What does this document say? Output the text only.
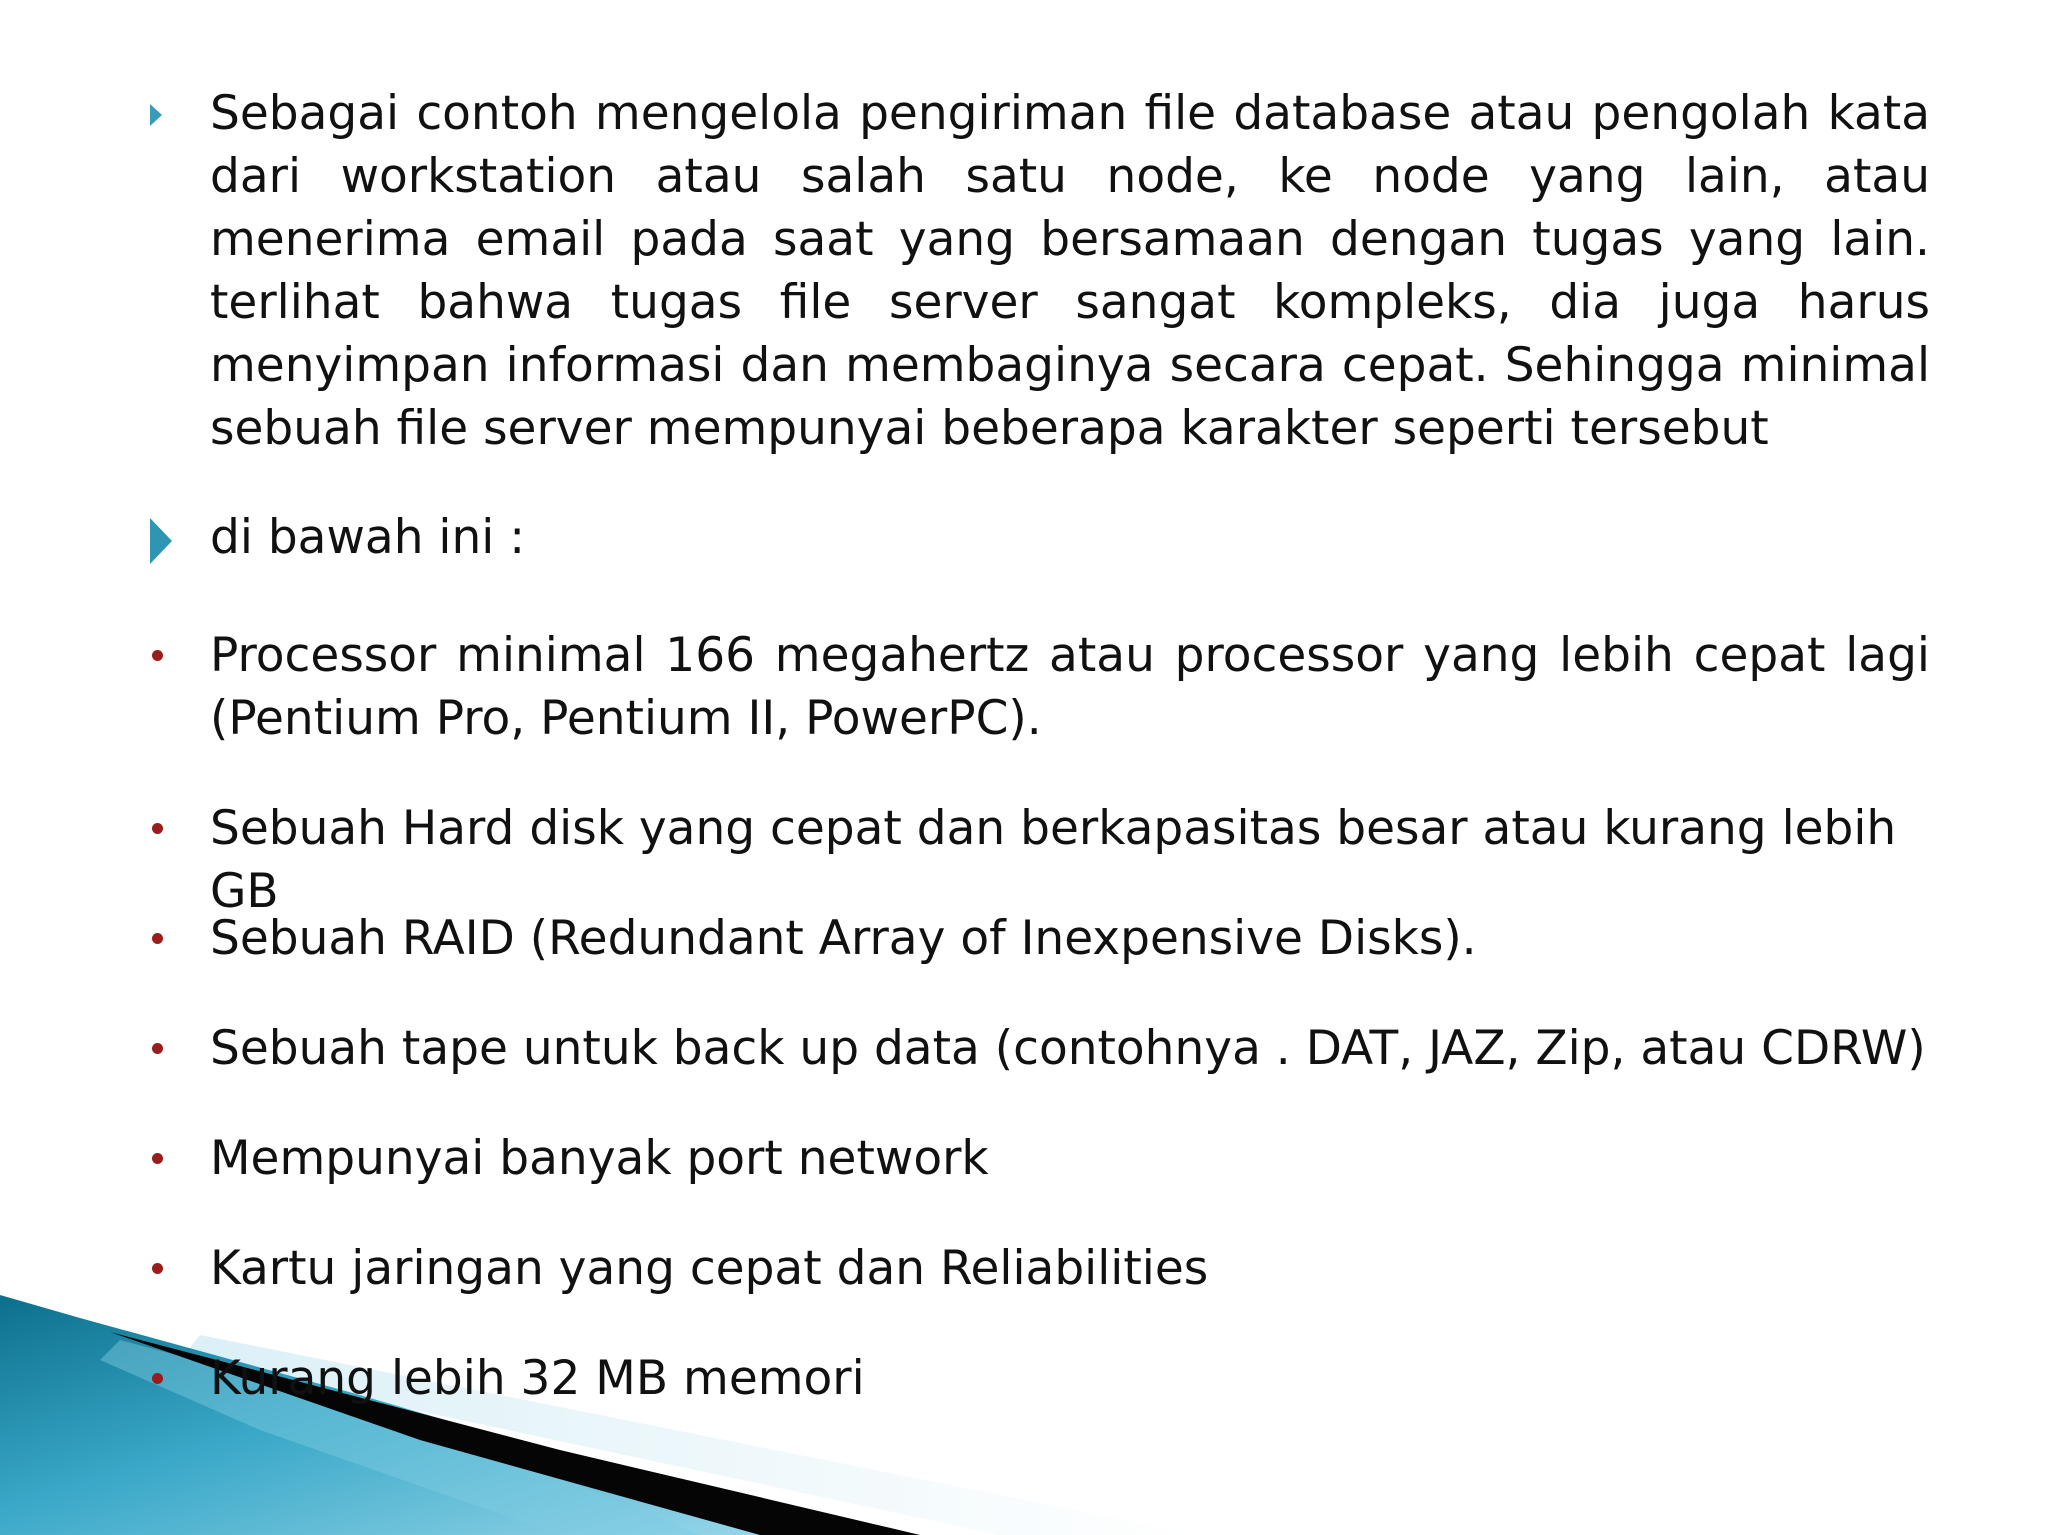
Sebagai contoh mengelola pengiriman file database atau pengolah kata dari workstation atau salah satu node, ke node yang lain, atau menerima email pada saat yang bersamaan dengan tugas yang lain. terlihat bahwa tugas file server sangat kompleks, dia juga harus menyimpan informasi dan membaginya secara cepat. Sehingga minimal sebuah file server mempunyai beberapa karakter seperti tersebut
di bawah ini :
Processor minimal 166 megahertz atau processor yang lebih cepat lagi (Pentium Pro, Pentium II, PowerPC).
Sebuah Hard disk yang cepat dan berkapasitas besar atau kurang lebih GB
Sebuah RAID (Redundant Array of Inexpensive Disks).
Sebuah tape untuk back up data (contohnya . DAT, JAZ, Zip, atau CDRW)
Mempunyai banyak port network
Kartu jaringan yang cepat dan Reliabilities
Kurang lebih 32 MB memori
